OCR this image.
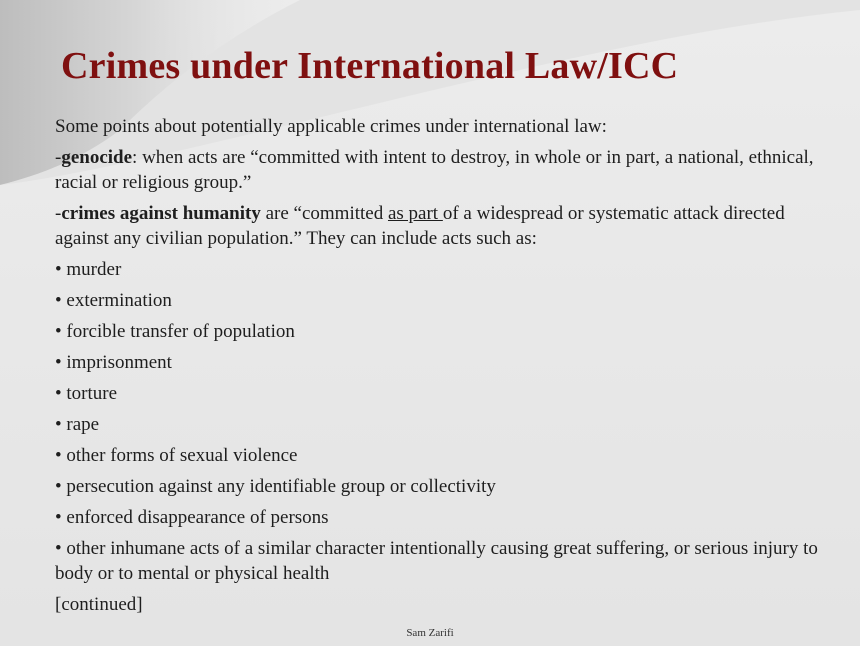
Crimes under International Law/ICC

Some points about potentially applicable crimes under international law:

-genocide: when acts are “committed with intent to destroy, in whole or in part, a national, ethnical, racial or religious group.”

-crimes against humanity are “committed as part of a widespread or systematic attack directed against any civilian population.” They can include acts such as:

• murder
• extermination
• forcible transfer of population
• imprisonment
• torture
• rape
• other forms of sexual violence
• persecution against any identifiable group or collectivity
• enforced disappearance of persons
• other inhumane acts of a similar character intentionally causing great suffering, or serious injury to body or to mental or physical health

[continued]

Sam Zarifi
